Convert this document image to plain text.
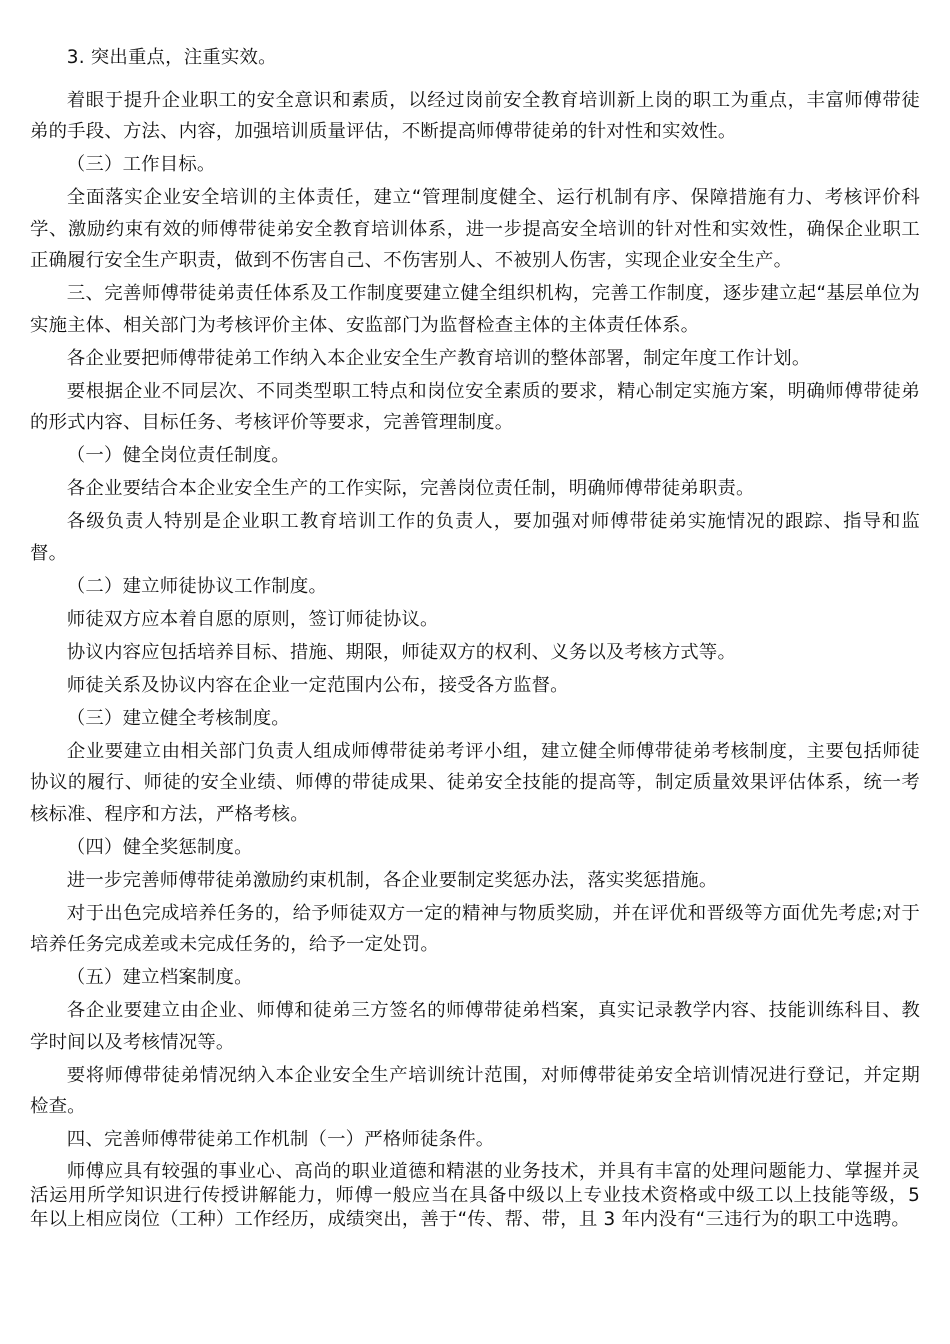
3. 突出重点，注重实效。

着眼于提升企业职工的安全意识和素质，以经过岗前安全教育培训新上岗的职工为重点，丰富师傅带徒弟的手段、方法、内容，加强培训质量评估，不断提高师傅带徒弟的针对性和实效性。

（三）工作目标。

全面落实企业安全培训的主体责任，建立“管理制度健全、运行机制有序、保障措施有力、考核评价科学、激励约束有效的师傅带徒弟安全教育培训体系，进一步提高安全培训的针对性和实效性，确保企业职工正确履行安全生产职责，做到不伤害自己、不伤害别人、不被别人伤害，实现企业安全生产。

三、完善师傅带徒弟责任体系及工作制度要建立健全组织机构，完善工作制度，逐步建立起“基层单位为实施主体、相关部门为考核评价主体、安监部门为监督检查主体的主体责任体系。

各企业要把师傅带徒弟工作纳入本企业安全生产教育培训的整体部署，制定年度工作计划。

要根据企业不同层次、不同类型职工特点和岗位安全素质的要求，精心制定实施方案，明确师傅带徒弟的形式内容、目标任务、考核评价等要求，完善管理制度。

（一）健全岗位责任制度。

各企业要结合本企业安全生产的工作实际，完善岗位责任制，明确师傅带徒弟职责。

各级负责人特别是企业职工教育培训工作的负责人，要加强对师傅带徒弟实施情况的跟踪、指导和监督。

（二）建立师徒协议工作制度。

师徒双方应本着自愿的原则，签订师徒协议。

协议内容应包括培养目标、措施、期限，师徒双方的权利、义务以及考核方式等。

师徒关系及协议内容在企业一定范围内公布，接受各方监督。

（三）建立健全考核制度。

企业要建立由相关部门负责人组成师傅带徒弟考评小组，建立健全师傅带徒弟考核制度，主要包括师徒协议的履行、师徒的安全业绩、师傅的带徒成果、徒弟安全技能的提高等，制定质量效果评估体系，统一考核标准、程序和方法，严格考核。

（四）健全奖惩制度。

进一步完善师傅带徒弟激励约束机制，各企业要制定奖惩办法，落实奖惩措施。

对于出色完成培养任务的，给予师徒双方一定的精神与物质奖励，并在评优和晋级等方面优先考虑;对于培养任务完成差或未完成任务的，给予一定处罚。

（五）建立档案制度。

各企业要建立由企业、师傅和徒弟三方签名的师傅带徒弟档案，真实记录教学内容、技能训练科目、教学时间以及考核情况等。

要将师傅带徒弟情况纳入本企业安全生产培训统计范围，对师傅带徒弟安全培训情况进行登记，并定期检查。

四、完善师傅带徒弟工作机制（一）严格师徒条件。

师傅应具有较强的事业心、高尚的职业道德和精湛的业务技术，并具有丰富的处理问题能力、掌握并灵活运用所学知识进行传授讲解能力，师傅一般应当在具备中级以上专业技术资格或中级工以上技能等级，5 年以上相应岗位（工种）工作经历，成绩突出，善于“传、帮、带，且 3 年内没有“三违行为的职工中选聘。
